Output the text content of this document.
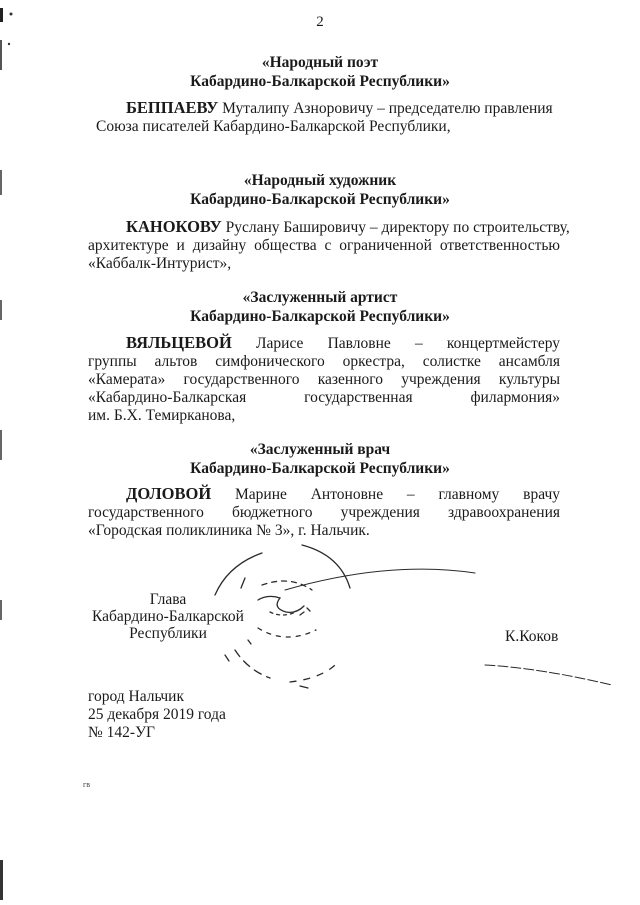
2
«Народный поэт
Кабардино-Балкарской Республики»
БЕППАЕВУ Муталипу Азноровичу – председателю правления
Союза писателей Кабардино-Балкарской Республики,
«Народный художник
Кабардино-Балкарской Республики»
КАНОКОВУ Руслану Башировичу – директору по строительству,
архитектуре и дизайну общества с ограниченной ответственностью
«Каббалк-Интурист»,
«Заслуженный артист
Кабардино-Балкарской Республики»
ВЯЛЬЦЕВОЙ Ларисе Павловне – концертмейстеру
группы альтов симфонического оркестра, солистке ансамбля
«Камерата» государственного казенного учреждения культуры
«Кабардино-Балкарская государственная филармония»
им. Б.Х. Темирканова,
«Заслуженный врач
Кабардино-Балкарской Республики»
ДОЛОВОЙ Марине Антоновне – главному врачу
государственного бюджетного учреждения здравоохранения
«Городская поликлиника № 3», г. Нальчик.
Глава
Кабардино-Балкарской
Республики	К.Коков
город Нальчик
25 декабря 2019 года
№ 142-УГ
гв
